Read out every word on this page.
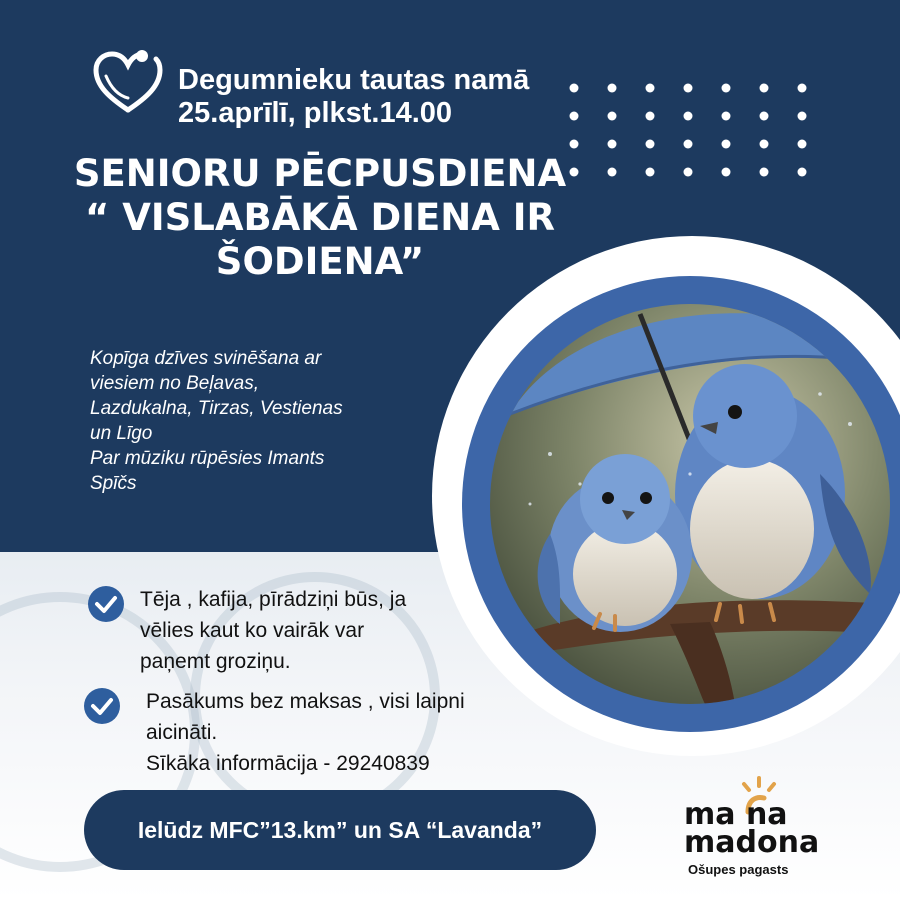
Degumnieku tautas namā
25.aprīlī, plkst.14.00
SENIORU PĒCPUSDIENA
“ VISLABĀKĀ DIENA IR
ŠODIENA”
Kopīga dzīves svinēšana ar
viesiem no Beļavas,
Lazdukalna, Tirzas, Vestienas
un Līgo
Par mūziku rūpēsies Imants
Spīčs
Tēja , kafija, pīrādziņi būs, ja
vēlies kaut ko vairāk var
paņemt groziņu.
Pasākums bez maksas , visi laipni
aicināti.
Sīkāka informācija - 29240839
Ielūdz MFC”13.km” un SA “Lavanda”	ma na
madona
Ošupes pagasts
